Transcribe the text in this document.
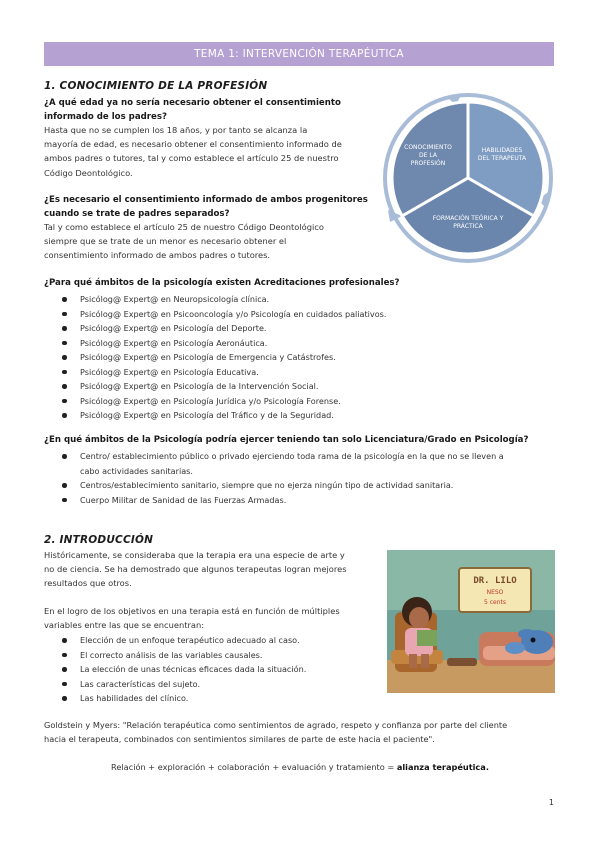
TEMA 1: INTERVENCIÓN TERAPÉUTICA
1. CONOCIMIENTO DE LA PROFESIÓN
¿A qué edad ya no sería necesario obtener el consentimiento
informado de los padres?
Hasta que no se cumplen los 18 años, y por tanto se alcanza la
mayoría de edad, es necesario obtener el consentimiento informado de
ambos padres o tutores, tal y como establece el artículo 25 de nuestro
Código Deontológico.
¿Es necesario el consentimiento informado de ambos progenitores
cuando se trate de padres separados?
Tal y como establece el artículo 25 de nuestro Código Deontológico
siempre que se trate de un menor es necesario obtener el
consentimiento informado de ambos padres o tutores.
CONOCIMIENTO
DE LA
PROFESIÓN
HABILIDADES
DEL TERAPEUTA
FORMACIÓN TEÓRICA Y
PRÁCTICA
¿Para qué ámbitos de la psicología existen Acreditaciones profesionales?
Psicólog@ Expert@ en Neuropsicología clínica.
Psicólog@ Expert@ en Psicooncología y/o Psicología en cuidados paliativos.
Psicólog@ Expert@ en Psicología del Deporte.
Psicólog@ Expert@ en Psicología Aeronáutica.
Psicólog@ Expert@ en Psicología de Emergencia y Catástrofes.
Psicólog@ Expert@ en Psicología Educativa.
Psicólog@ Expert@ en Psicología de la Intervención Social.
Psicólog@ Expert@ en Psicología Jurídica y/o Psicología Forense.
Psicólog@ Expert@ en Psicología del Tráfico y de la Seguridad.
¿En qué ámbitos de la Psicología podría ejercer teniendo tan solo Licenciatura/Grado en Psicología?
Centro/ establecimiento público o privado ejerciendo toda rama de la psicología en la que no se lleven a
cabo actividades sanitarias.
Centros/establecimiento sanitario, siempre que no ejerza ningún tipo de actividad sanitaria.
Cuerpo Militar de Sanidad de las Fuerzas Armadas.
2. INTRODUCCIÓN
Históricamente, se consideraba que la terapia era una especie de arte y
no de ciencia. Se ha demostrado que algunos terapeutas logran mejores
resultados que otros.
En el logro de los objetivos en una terapia está en función de múltiples
variables entre las que se encuentran:
Elección de un enfoque terapéutico adecuado al caso.
El correcto análisis de las variables causales.
La elección de unas técnicas eficaces dada la situación.
Las características del sujeto.
Las habilidades del clínico.
DR. LILO
NESO
5 cents
Goldstein y Myers: "Relación terapéutica como sentimientos de agrado, respeto y confianza por parte del cliente
hacia el terapeuta, combinados con sentimientos similares de parte de este hacia el paciente".
Relación + exploración + colaboración + evaluación y tratamiento = alianza terapéutica.
1
